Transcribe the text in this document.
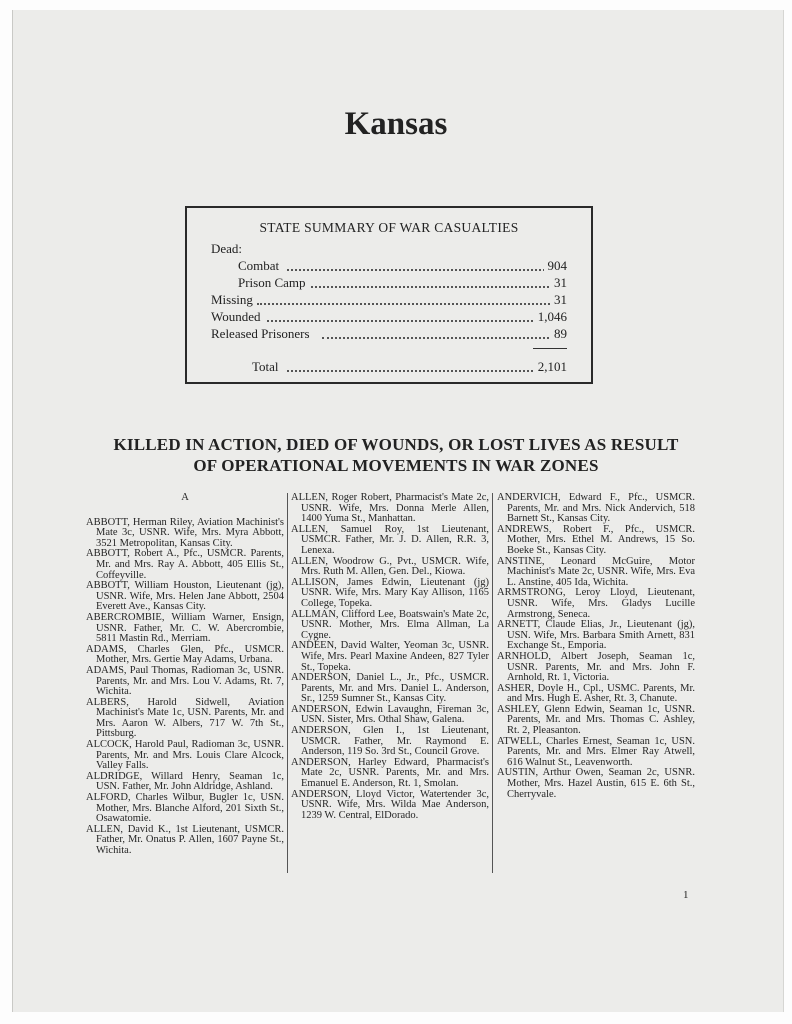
Kansas
STATE SUMMARY OF WAR CASUALTIES
Dead:
Combat	904
Prison Camp	31
Missing	31
Wounded	1,046
Released Prisoners	89
Total	2,101
KILLED IN ACTION, DIED OF WOUNDS, OR LOST LIVES AS RESULT
OF OPERATIONAL MOVEMENTS IN WAR ZONES
A

ABBOTT, Herman Riley, Aviation Machinist's Mate 3c, USNR. Wife, Mrs. Myra Abbott, 3521 Metropolitan, Kansas City.

ABBOTT, Robert A., Pfc., USMCR. Parents, Mr. and Mrs. Ray A. Abbott, 405 Ellis St., Coffeyville.

ABBOTT, William Houston, Lieutenant (jg), USNR. Wife, Mrs. Helen Jane Abbott, 2504 Everett Ave., Kansas City.

ABERCROMBIE, William Warner, Ensign, USNR. Father, Mr. C. W. Abercrombie, 5811 Mastin Rd., Merriam.

ADAMS, Charles Glen, Pfc., USMCR. Mother, Mrs. Gertie May Adams, Urbana.

ADAMS, Paul Thomas, Radioman 3c, USNR. Parents, Mr. and Mrs. Lou V. Adams, Rt. 7, Wichita.

ALBERS, Harold Sidwell, Aviation Machinist's Mate 1c, USN. Parents, Mr. and Mrs. Aaron W. Albers, 717 W. 7th St., Pittsburg.

ALCOCK, Harold Paul, Radioman 3c, USNR. Parents, Mr. and Mrs. Louis Clare Alcock, Valley Falls.

ALDRIDGE, Willard Henry, Seaman 1c, USN. Father, Mr. John Aldridge, Ashland.

ALFORD, Charles Wilbur, Bugler 1c, USN. Mother, Mrs. Blanche Alford, 201 Sixth St., Osawatomie.

ALLEN, David K., 1st Lieutenant, USMCR. Father, Mr. Onatus P. Allen, 1607 Payne St., Wichita.

ALLEN, Roger Robert, Pharmacist's Mate 2c, USNR. Wife, Mrs. Donna Merle Allen, 1400 Yuma St., Manhattan.

ALLEN, Samuel Roy, 1st Lieutenant, USMCR. Father, Mr. J. D. Allen, R.R. 3, Lenexa.

ALLEN, Woodrow G., Pvt., USMCR. Wife, Mrs. Ruth M. Allen, Gen. Del., Kiowa.

ALLISON, James Edwin, Lieutenant (jg) USNR. Wife, Mrs. Mary Kay Allison, 1165 College, Topeka.

ALLMAN, Clifford Lee, Boatswain's Mate 2c, USNR. Mother, Mrs. Elma Allman, La Cygne.

ANDEEN, David Walter, Yeoman 3c, USNR. Wife, Mrs. Pearl Maxine Andeen, 827 Tyler St., Topeka.

ANDERSON, Daniel L., Jr., Pfc., USMCR. Parents, Mr. and Mrs. Daniel L. Anderson, Sr., 1259 Sumner St., Kansas City.

ANDERSON, Edwin Lavaughn, Fireman 3c, USN. Sister, Mrs. Othal Shaw, Galena.

ANDERSON, Glen I., 1st Lieutenant, USMCR. Father, Mr. Raymond E. Anderson, 119 So. 3rd St., Council Grove.

ANDERSON, Harley Edward, Pharmacist's Mate 2c, USNR. Parents, Mr. and Mrs. Emanuel E. Anderson, Rt. 1, Smolan.

ANDERSON, Lloyd Victor, Watertender 3c, USNR. Wife, Mrs. Wilda Mae Anderson, 1239 W. Central, ElDorado.

ANDERVICH, Edward F., Pfc., USMCR. Parents, Mr. and Mrs. Nick Andervich, 518 Barnett St., Kansas City.

ANDREWS, Robert F., Pfc., USMCR. Mother, Mrs. Ethel M. Andrews, 15 So. Boeke St., Kansas City.

ANSTINE, Leonard McGuire, Motor Machinist's Mate 2c, USNR. Wife, Mrs. Eva L. Anstine, 405 Ida, Wichita.

ARMSTRONG, Leroy Lloyd, Lieutenant, USNR. Wife, Mrs. Gladys Lucille Armstrong, Seneca.

ARNETT, Claude Elias, Jr., Lieutenant (jg), USN. Wife, Mrs. Barbara Smith Arnett, 831 Exchange St., Emporia.

ARNHOLD, Albert Joseph, Seaman 1c, USNR. Parents, Mr. and Mrs. John F. Arnhold, Rt. 1, Victoria.

ASHER, Doyle H., Cpl., USMC. Parents, Mr. and Mrs. Hugh E. Asher, Rt. 3, Chanute.

ASHLEY, Glenn Edwin, Seaman 1c, USNR. Parents, Mr. and Mrs. Thomas C. Ashley, Rt. 2, Pleasanton.

ATWELL, Charles Ernest, Seaman 1c, USN. Parents, Mr. and Mrs. Elmer Ray Atwell, 616 Walnut St., Leavenworth.

AUSTIN, Arthur Owen, Seaman 2c, USNR. Mother, Mrs. Hazel Austin, 615 E. 6th St., Cherryvale.

1
